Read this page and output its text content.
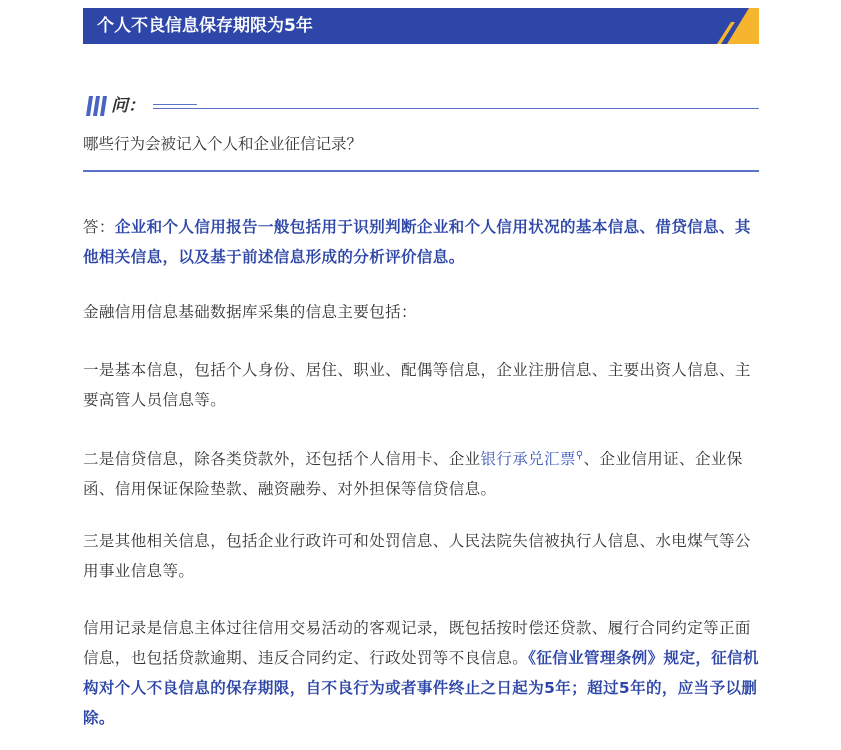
个人不良信息保存期限为5年
问：
哪些行为会被记入个人和企业征信记录？

答：企业和个人信用报告一般包括用于识别判断企业和个人信用状况的基本信息、借贷信息、其他相关信息，以及基于前述信息形成的分析评价信息。

金融信用信息基础数据库采集的信息主要包括：

一是基本信息，包括个人身份、居住、职业、配偶等信息，企业注册信息、主要出资人信息、主要高管人员信息等。

二是信贷信息，除各类贷款外，还包括个人信用卡、企业银行承兑汇票⚲、企业信用证、企业保函、信用保证保险垫款、融资融券、对外担保等信贷信息。

三是其他相关信息，包括企业行政许可和处罚信息、人民法院失信被执行人信息、水电煤气等公用事业信息等。

信用记录是信息主体过往信用交易活动的客观记录，既包括按时偿还贷款、履行合同约定等正面信息，也包括贷款逾期、违反合同约定、行政处罚等不良信息。《征信业管理条例》规定，征信机构对个人不良信息的保存期限，自不良行为或者事件终止之日起为5年；超过5年的，应当予以删除。
